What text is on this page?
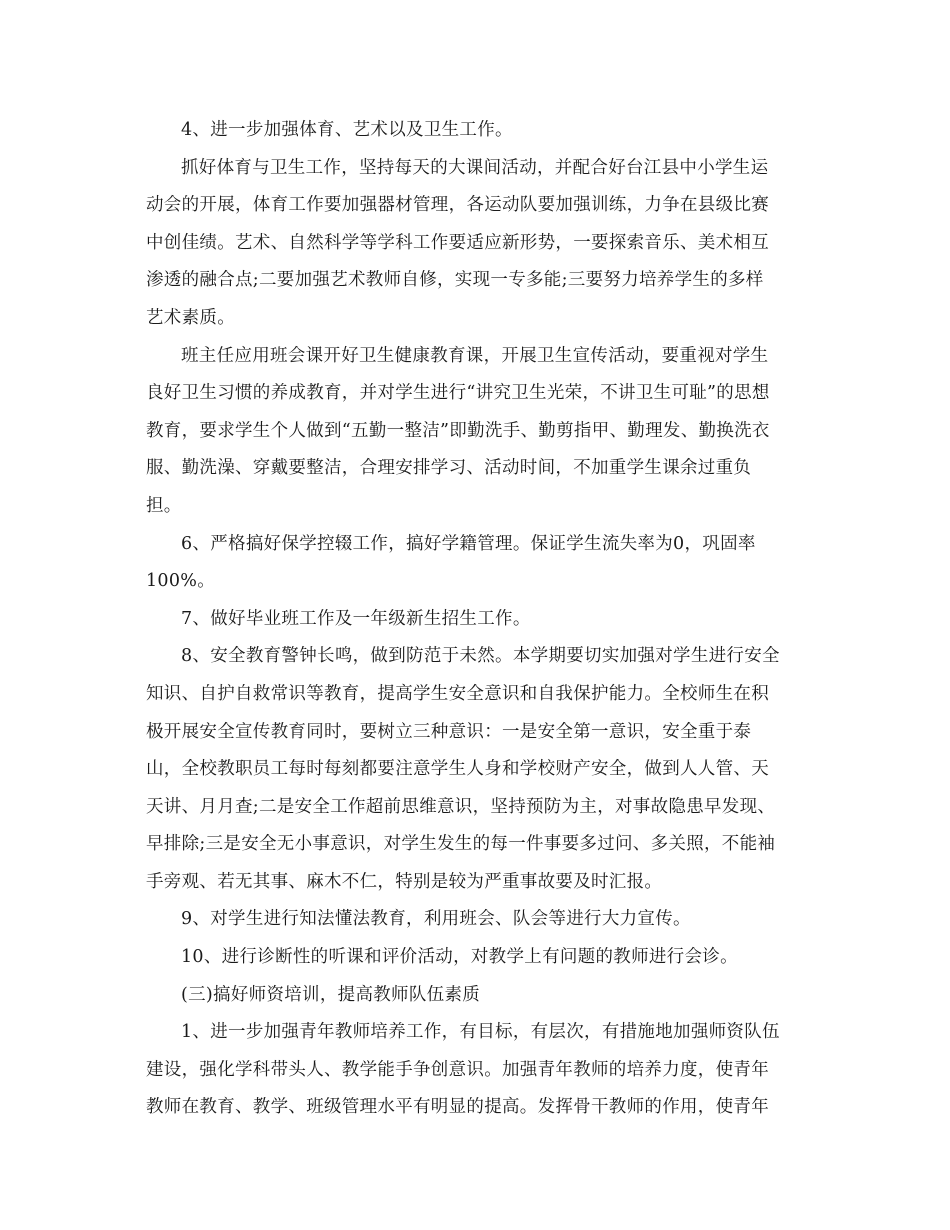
4、进一步加强体育、艺术以及卫生工作。
抓好体育与卫生工作，坚持每天的大课间活动，并配合好台江县中小学生运
动会的开展，体育工作要加强器材管理，各运动队要加强训练，力争在县级比赛
中创佳绩。艺术、自然科学等学科工作要适应新形势，一要探索音乐、美术相互
渗透的融合点;二要加强艺术教师自修，实现一专多能;三要努力培养学生的多样
艺术素质。
班主任应用班会课开好卫生健康教育课，开展卫生宣传活动，要重视对学生
良好卫生习惯的养成教育，并对学生进行“讲究卫生光荣，不讲卫生可耻”的思想
教育，要求学生个人做到“五勤一整洁”即勤洗手、勤剪指甲、勤理发、勤换洗衣
服、勤洗澡、穿戴要整洁，合理安排学习、活动时间，不加重学生课余过重负
担。
6、严格搞好保学控辍工作，搞好学籍管理。保证学生流失率为0，巩固率
100%。
7、做好毕业班工作及一年级新生招生工作。
8、安全教育警钟长鸣，做到防范于未然。本学期要切实加强对学生进行安全
知识、自护自救常识等教育，提高学生安全意识和自我保护能力。全校师生在积
极开展安全宣传教育同时，要树立三种意识：一是安全第一意识，安全重于泰
山，全校教职员工每时每刻都要注意学生人身和学校财产安全，做到人人管、天
天讲、月月查;二是安全工作超前思维意识，坚持预防为主，对事故隐患早发现、
早排除;三是安全无小事意识，对学生发生的每一件事要多过问、多关照，不能袖
手旁观、若无其事、麻木不仁，特别是较为严重事故要及时汇报。
9、对学生进行知法懂法教育，利用班会、队会等进行大力宣传。
10、进行诊断性的听课和评价活动，对教学上有问题的教师进行会诊。
(三)搞好师资培训，提高教师队伍素质
1、进一步加强青年教师培养工作，有目标，有层次，有措施地加强师资队伍
建设，强化学科带头人、教学能手争创意识。加强青年教师的培养力度，使青年
教师在教育、教学、班级管理水平有明显的提高。发挥骨干教师的作用，使青年
